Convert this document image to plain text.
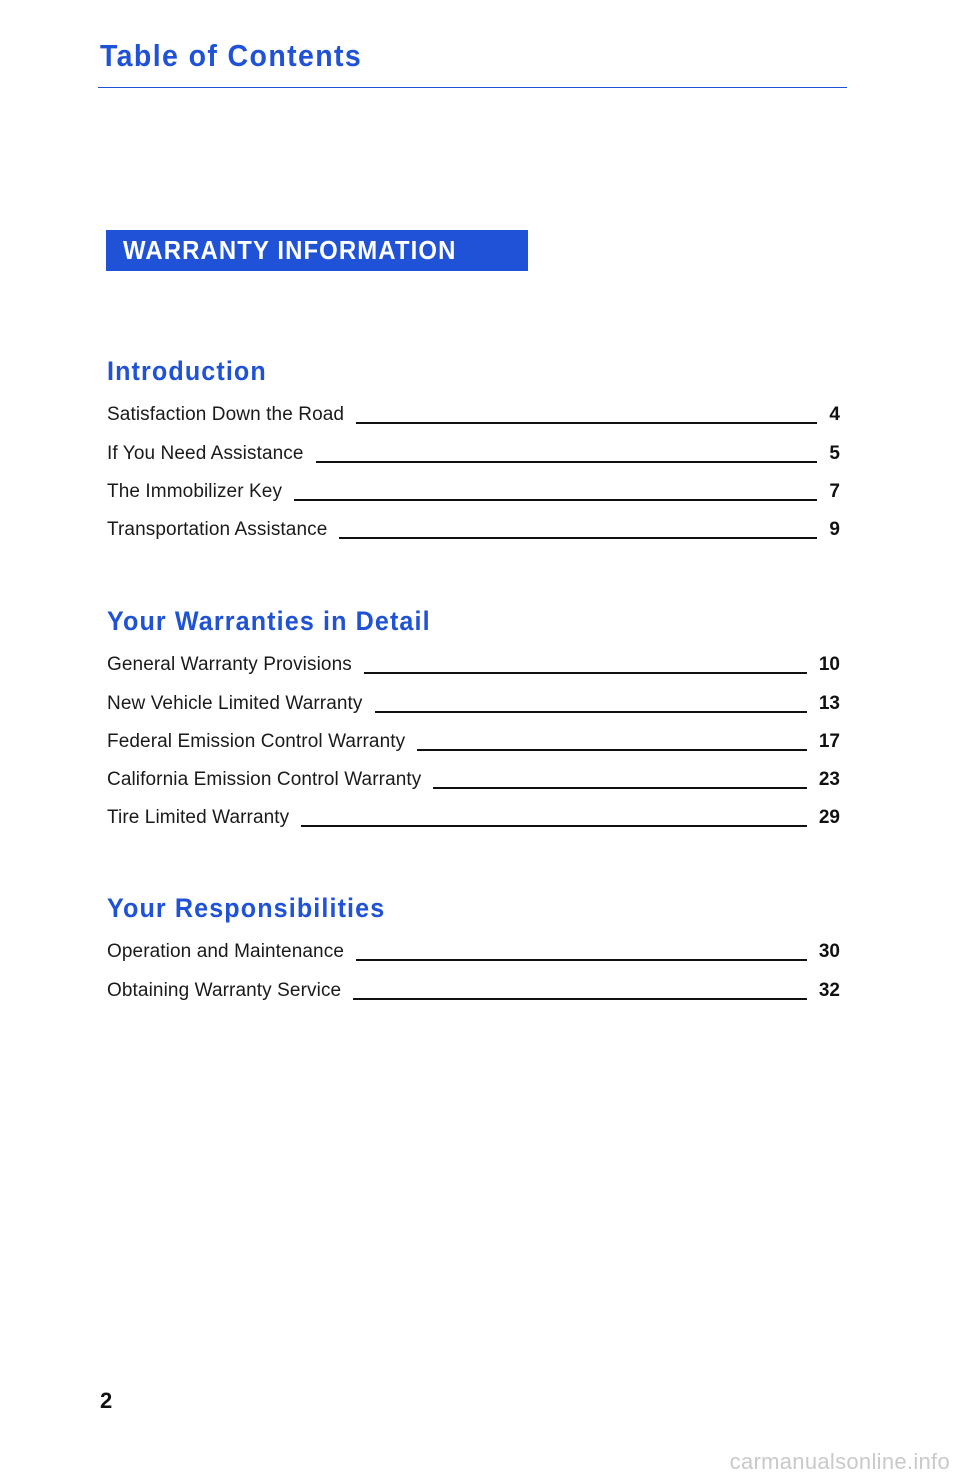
Table of Contents
WARRANTY INFORMATION
Introduction
Satisfaction Down the Road	4
If You Need Assistance	5
The Immobilizer Key	7
Transportation Assistance	9
Your Warranties in Detail
General Warranty Provisions	10
New Vehicle Limited Warranty	13
Federal Emission Control Warranty	17
California Emission Control Warranty	23
Tire Limited Warranty	29
Your Responsibilities
Operation and Maintenance	30
Obtaining Warranty Service	32
2
carmanualsonline.info
